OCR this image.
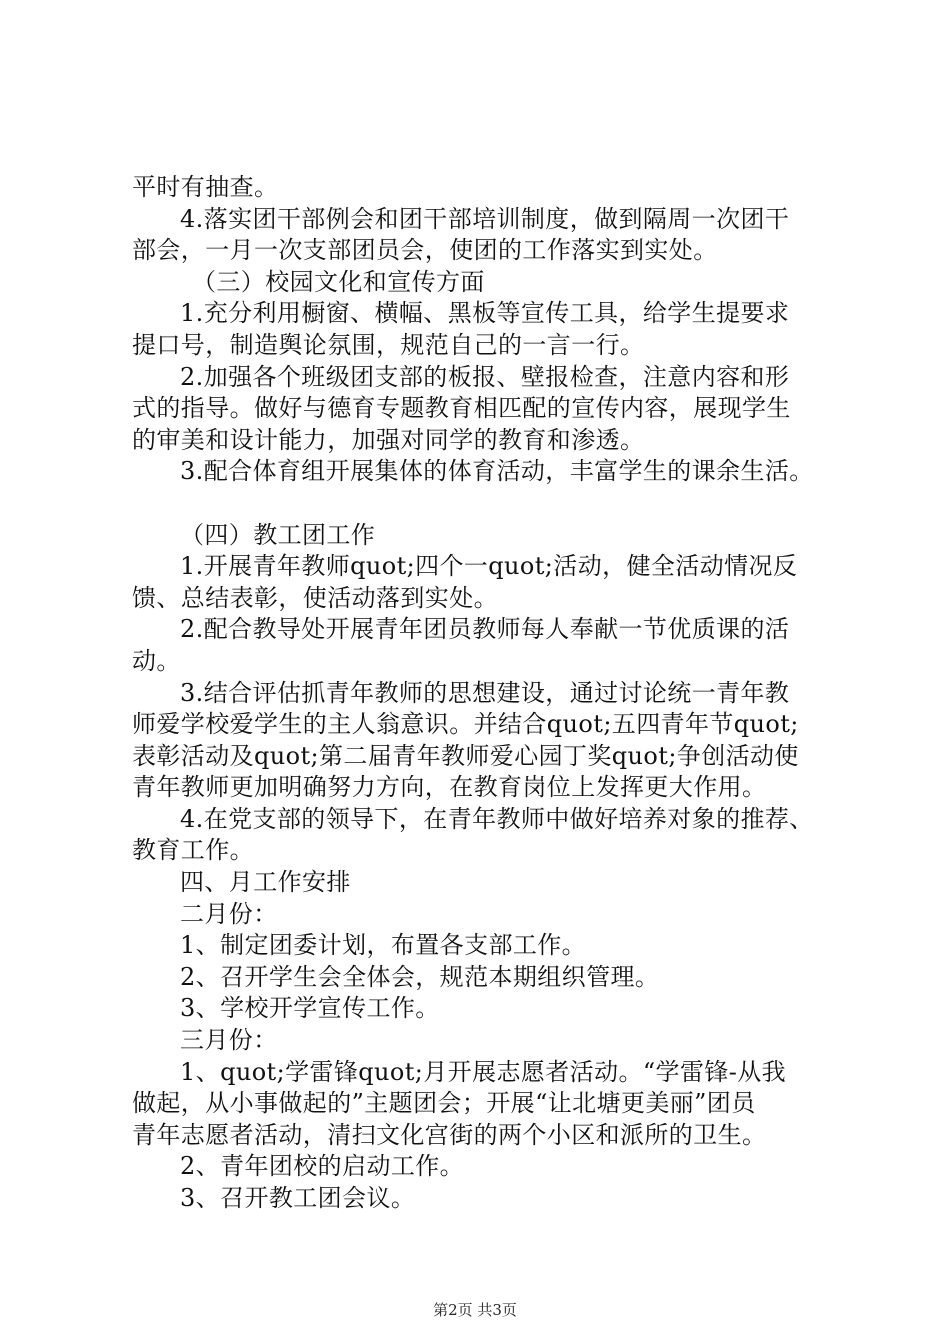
平时有抽查。
4.落实团干部例会和团干部培训制度，做到隔周一次团干
部会，一月一次支部团员会，使团的工作落实到实处。
（三）校园文化和宣传方面
1.充分利用橱窗、横幅、黑板等宣传工具，给学生提要求
提口号，制造舆论氛围，规范自己的一言一行。
2.加强各个班级团支部的板报、壁报检查，注意内容和形
式的指导。做好与德育专题教育相匹配的宣传内容，展现学生
的审美和设计能力，加强对同学的教育和渗透。
3.配合体育组开展集体的体育活动，丰富学生的课余生活。
（四）教工团工作
1.开展青年教师quot;四个一quot;活动，健全活动情况反
馈、总结表彰，使活动落到实处。
2.配合教导处开展青年团员教师每人奉献一节优质课的活
动。
3.结合评估抓青年教师的思想建设，通过讨论统一青年教
师爱学校爱学生的主人翁意识。并结合quot;五四青年节quot;
表彰活动及quot;第二届青年教师爱心园丁奖quot;争创活动使
青年教师更加明确努力方向，在教育岗位上发挥更大作用。
4.在党支部的领导下，在青年教师中做好培养对象的推荐、
教育工作。
四、月工作安排
二月份：
1、制定团委计划，布置各支部工作。
2、召开学生会全体会，规范本期组织管理。
3、学校开学宣传工作。
三月份：
1、quot;学雷锋quot;月开展志愿者活动。“学雷锋-从我
做起，从小事做起的”主题团会；开展“让北塘更美丽”团员
青年志愿者活动，清扫文化宫街的两个小区和派所的卫生。
2、青年团校的启动工作。
3、召开教工团会议。
第2页 共3页
